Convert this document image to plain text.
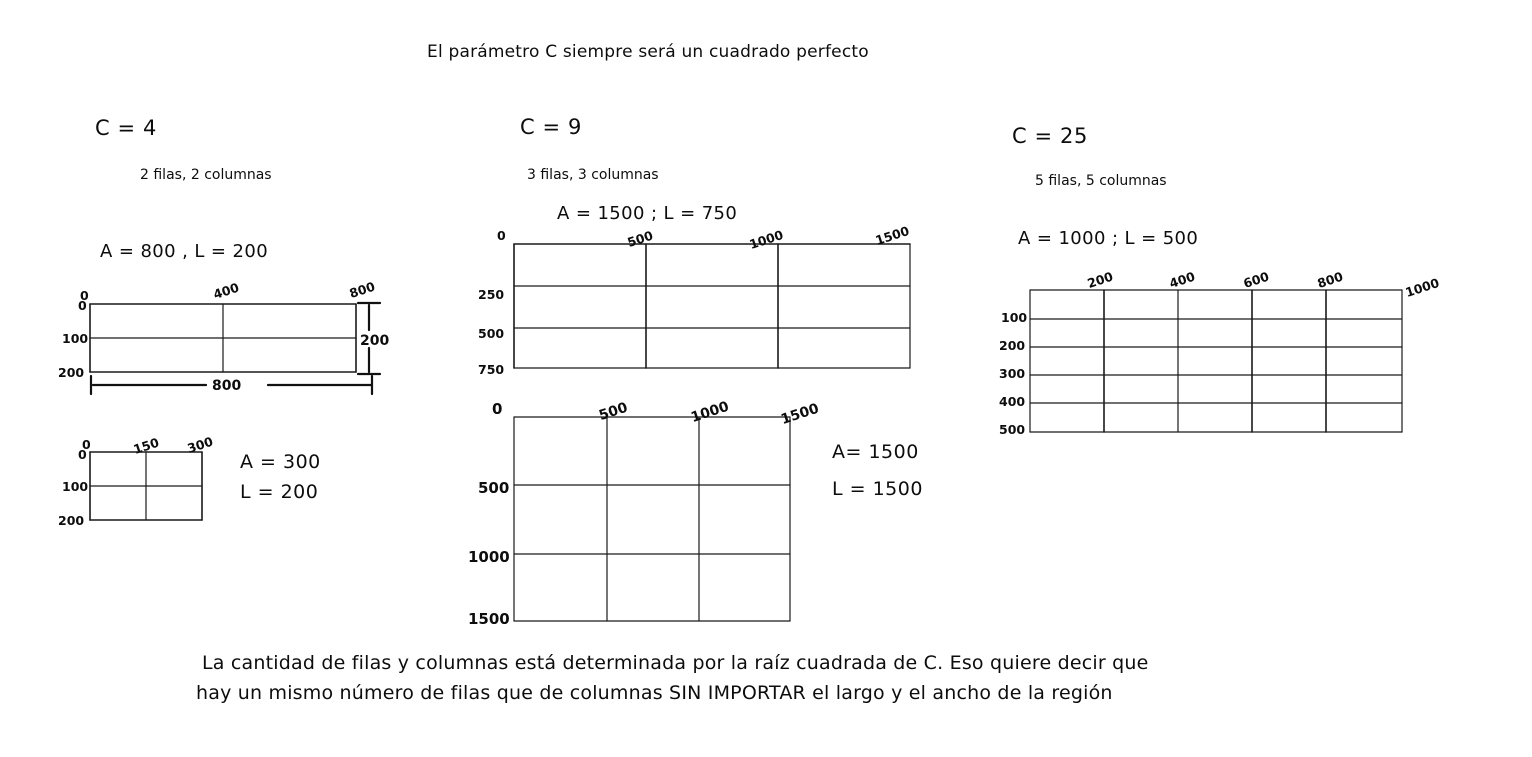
El parámetro C siempre será un cuadrado perfecto
C = 4
2 filas, 2 columnas
A = 800 , L = 200
0	400	800
0
100
200
200
800
0	150 300
0
100
200
A = 300
L = 200
C = 9
3 filas, 3 columnas
A = 1500 ; L = 750
0	500	1000	1500
250
500
750
0	500	1000	1500
500
1000
1500
A= 1500
L = 1500
C = 25
5 filas, 5 columnas
A = 1000 ; L = 500
200	400	600	800	1000
100
200
300
400
500
La cantidad de filas y columnas está determinada por la raíz cuadrada de C. Eso quiere decir que
hay un mismo número de filas que de columnas SIN IMPORTAR el largo y el ancho de la región
